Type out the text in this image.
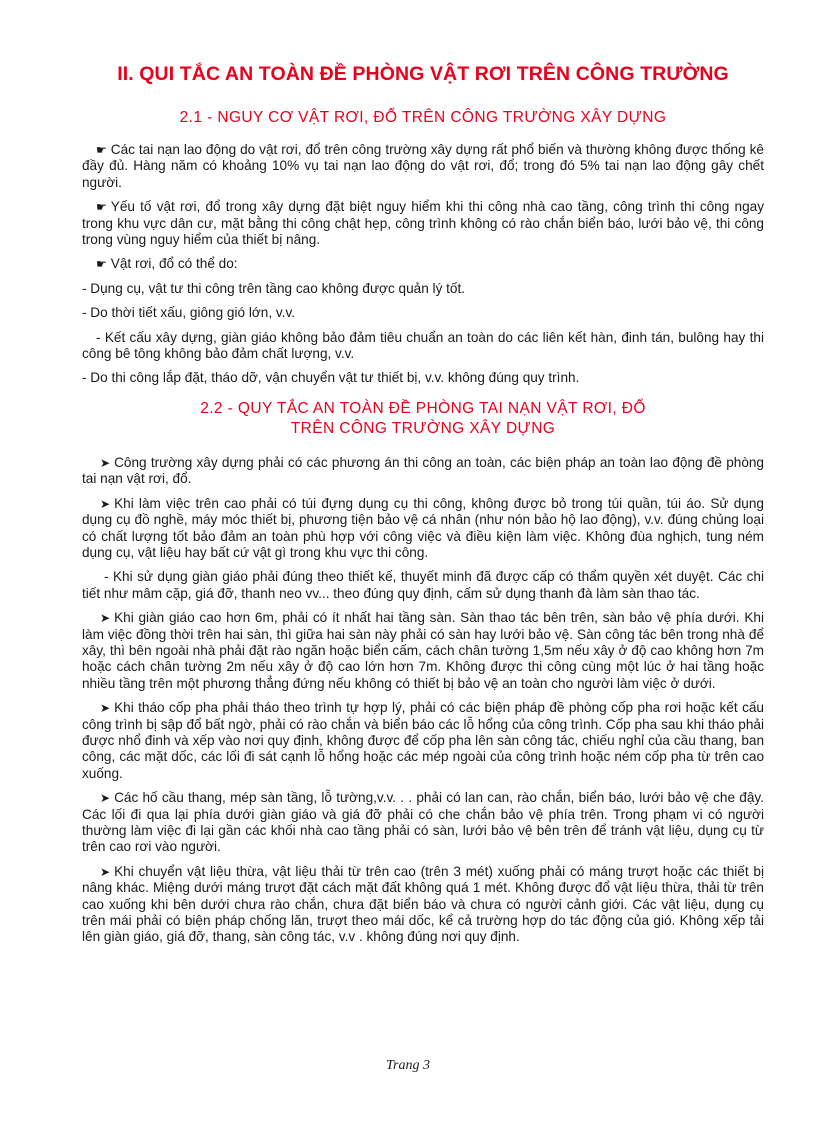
II. QUI TẮC AN TOÀN ĐỀ PHÒNG VẬT RƠI TRÊN CÔNG TRƯỜNG
2.1 - NGUY CƠ VẬT RƠI, ĐỔ TRÊN CÔNG TRƯỜNG XÂY DỰNG

☛ Các tai nạn lao động do vật rơi, đổ trên công trường xây dựng rất phổ biến và thường không được thống kê đầy đủ. Hàng năm có khoảng 10% vụ tai nạn lao động do vật rơi, đổ; trong đó 5% tai nạn lao động gây chết người.

☛ Yếu tố vật rơi, đổ trong xây dựng đặt biệt nguy hiểm khi thi công nhà cao tầng, công trình thi công ngay trong khu vực dân cư, mặt bằng thi công chật hẹp, công trình không có rào chắn biển báo, lưới bảo vệ, thi công trong vùng nguy hiểm của thiết bị nâng.

☛ Vật rơi, đổ có thể do:

- Dụng cụ, vật tư thi công trên tầng cao không được quản lý tốt.

- Do thời tiết xấu, giông gió lớn, v.v.

- Kết cấu xây dựng, giàn giáo không bảo đảm tiêu chuẩn an toàn do các liên kết hàn, đinh tán, bulông hay thi công bê tông không bảo đảm chất lượng, v.v.

- Do thi công lắp đặt, tháo dỡ, vận chuyển vật tư thiết bị, v.v. không đúng quy trình.

2.2 - QUY TẮC AN TOÀN ĐỀ PHÒNG TAI NẠN VẬT RƠI, ĐỔ
TRÊN CÔNG TRƯỜNG XÂY DỰNG

➤ Công trường xây dựng phải có các phương án thi công an toàn, các biện pháp an toàn lao động đề phòng tai nạn vật rơi, đổ.

➤ Khi làm việc trên cao phải có túi đựng dụng cụ thi công, không được bỏ trong túi quần, túi áo. Sử dụng dụng cụ đồ nghề, máy móc thiết bị, phương tiện bảo vệ cá nhân (như nón bảo hộ lao động), v.v. đúng chủng loại có chất lượng tốt bảo đảm an toàn phù hợp với công việc và điều kiện làm việc. Không đùa nghịch, tung ném dụng cụ, vật liệu hay bất cứ vật gì trong khu vực thi công.

- Khi sử dụng giàn giáo phải đúng theo thiết kế, thuyết minh đã được cấp có thẩm quyền xét duyệt. Các chi tiết như mâm cặp, giá đỡ, thanh neo vv... theo đúng quy định, cấm sử dụng thanh đà làm sàn thao tác.

➤ Khi giàn giáo cao hơn 6m, phải có ít nhất hai tầng sàn. Sàn thao tác bên trên, sàn bảo vệ phía dưới. Khi làm việc đồng thời trên hai sàn, thì giữa hai sàn này phải có sàn hay lưới bảo vệ. Sàn công tác bên trong nhà để xây, thì bên ngoài nhà phải đặt rào ngăn hoặc biển cấm, cách chân tường 1,5m nếu xây ở độ cao không hơn 7m hoặc cách chân tường 2m nếu xây ở độ cao lớn hơn 7m. Không được thi công cùng một lúc ở hai tầng hoặc nhiều tầng trên một phương thẳng đứng nếu không có thiết bị bảo vệ an toàn cho người làm việc ở dưới.

➤ Khi tháo cốp pha phải tháo theo trình tự hợp lý, phải có các biện pháp đề phòng cốp pha rơi hoặc kết cấu công trình bị sập đổ bất ngờ, phải có rào chắn và biển báo các lỗ hổng của công trình. Cốp pha sau khi tháo phải được nhổ đinh và xếp vào nơi quy định, không được để cốp pha lên sàn công tác, chiếu nghỉ của cầu thang, ban công, các mặt dốc, các lối đi sát cạnh lỗ hổng hoặc các mép ngoài của công trình hoặc ném cốp pha từ trên cao xuống.

➤ Các hố cầu thang, mép sàn tầng, lỗ tường,v.v. . . phải có lan can, rào chắn, biển báo, lưới bảo vệ che đậy. Các lối đi qua lại phía dưới giàn giáo và giá đỡ phải có che chắn bảo vệ phía trên. Trong phạm vi có người thường làm việc đi lại gần các khối nhà cao tầng phải có sàn, lưới bảo vệ bên trên để tránh vật liệu, dụng cụ từ trên cao rơi vào người.

➤ Khi chuyển vật liệu thừa, vật liệu thải từ trên cao (trên 3 mét) xuống phải có máng trượt hoặc các thiết bị nâng khác. Miệng dưới máng trượt đặt cách mặt đất không quá 1 mét. Không được đổ vật liệu thừa, thải từ trên cao xuống khi bên dưới chưa rào chắn, chưa đặt biển báo và chưa có người cảnh giới. Các vật liệu, dụng cụ trên mái phải có biện pháp chống lăn, trượt theo mái dốc, kể cả trường hợp do tác động của gió. Không xếp tải lên giàn giáo, giá đỡ, thang, sàn công tác, v.v . không đúng nơi quy định.

Trang 3
